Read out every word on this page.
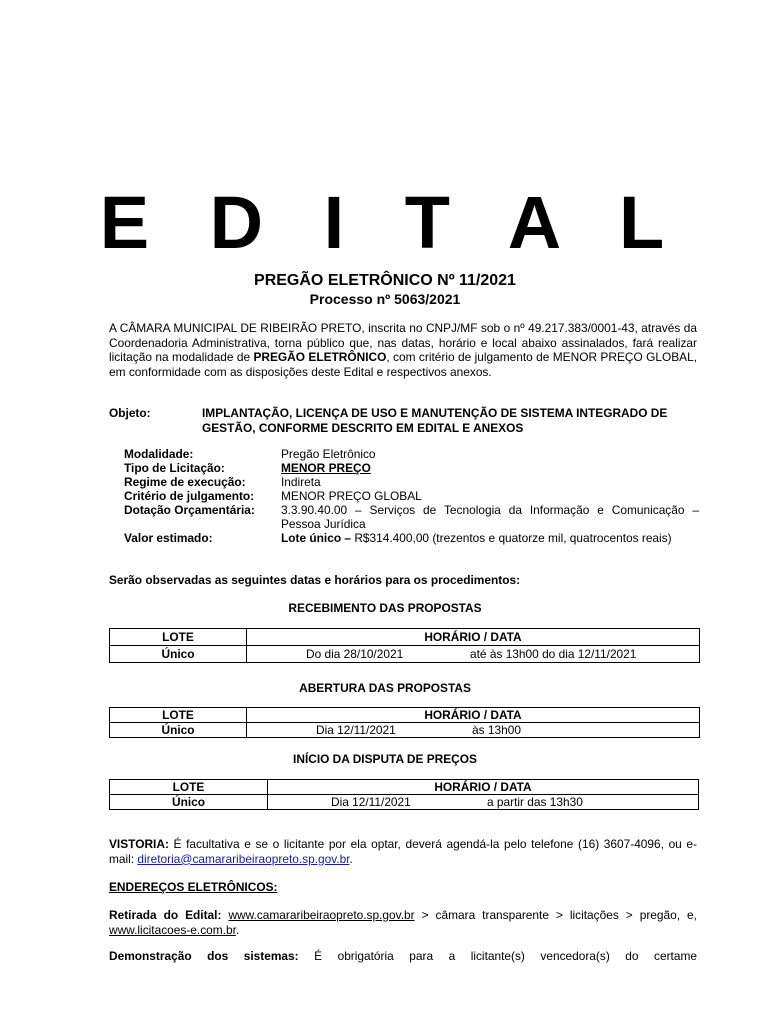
E D I T A L
PREGÃO ELETRÔNICO Nº 11/2021
Processo nº 5063/2021
A CÂMARA MUNICIPAL DE RIBEIRÃO PRETO, inscrita no CNPJ/MF sob o nº 49.217.383/0001-43, através da Coordenadoria Administrativa, torna público que, nas datas, horário e local abaixo assinalados, fará realizar licitação na modalidade de PREGÃO ELETRÔNICO, com critério de julgamento de MENOR PREÇO GLOBAL, em conformidade com as disposições deste Edital e respectivos anexos.
Objeto:	IMPLANTAÇÃO, LICENÇA DE USO E MANUTENÇÃO DE SISTEMA INTEGRADO DE GESTÃO, CONFORME DESCRITO EM EDITAL E ANEXOS
Modalidade:	Pregão Eletrônico
Tipo de Licitação:	MENOR PREÇO
Regime de execução:	Indireta
Critério de julgamento: MENOR PREÇO GLOBAL
Dotação Orçamentária: 3.3.90.40.00 – Serviços de Tecnologia da Informação e Comunicação – Pessoa Jurídica
Valor estimado:	Lote único – R$314.400,00 (trezentos e quatorze mil, quatrocentos reais)
Serão observadas as seguintes datas e horários para os procedimentos:
RECEBIMENTO DAS PROPOSTAS
LOTE	HORÁRIO / DATA
Único	Do dia 28/10/2021 até às 13h00 do dia 12/11/2021
ABERTURA DAS PROPOSTAS
LOTE	HORÁRIO / DATA
Único	Dia 12/11/2021 às 13h00
INÍCIO DA DISPUTA DE PREÇOS
LOTE	HORÁRIO / DATA
Único	Dia 12/11/2021 a partir das 13h30
VISTORIA: É facultativa e se o licitante por ela optar, deverá agendá-la pelo telefone (16) 3607-4096, ou e-mail: diretoria@camararibeiraopreto.sp.gov.br.
ENDEREÇOS ELETRÔNICOS:
Retirada do Edital: www.camararibeiraopreto.sp.gov.br > câmara transparente > licitações > pregão, e, www.licitacoes-e.com.br.
Demonstração dos sistemas: É obrigatória para a licitante(s) vencedora(s) do certame
